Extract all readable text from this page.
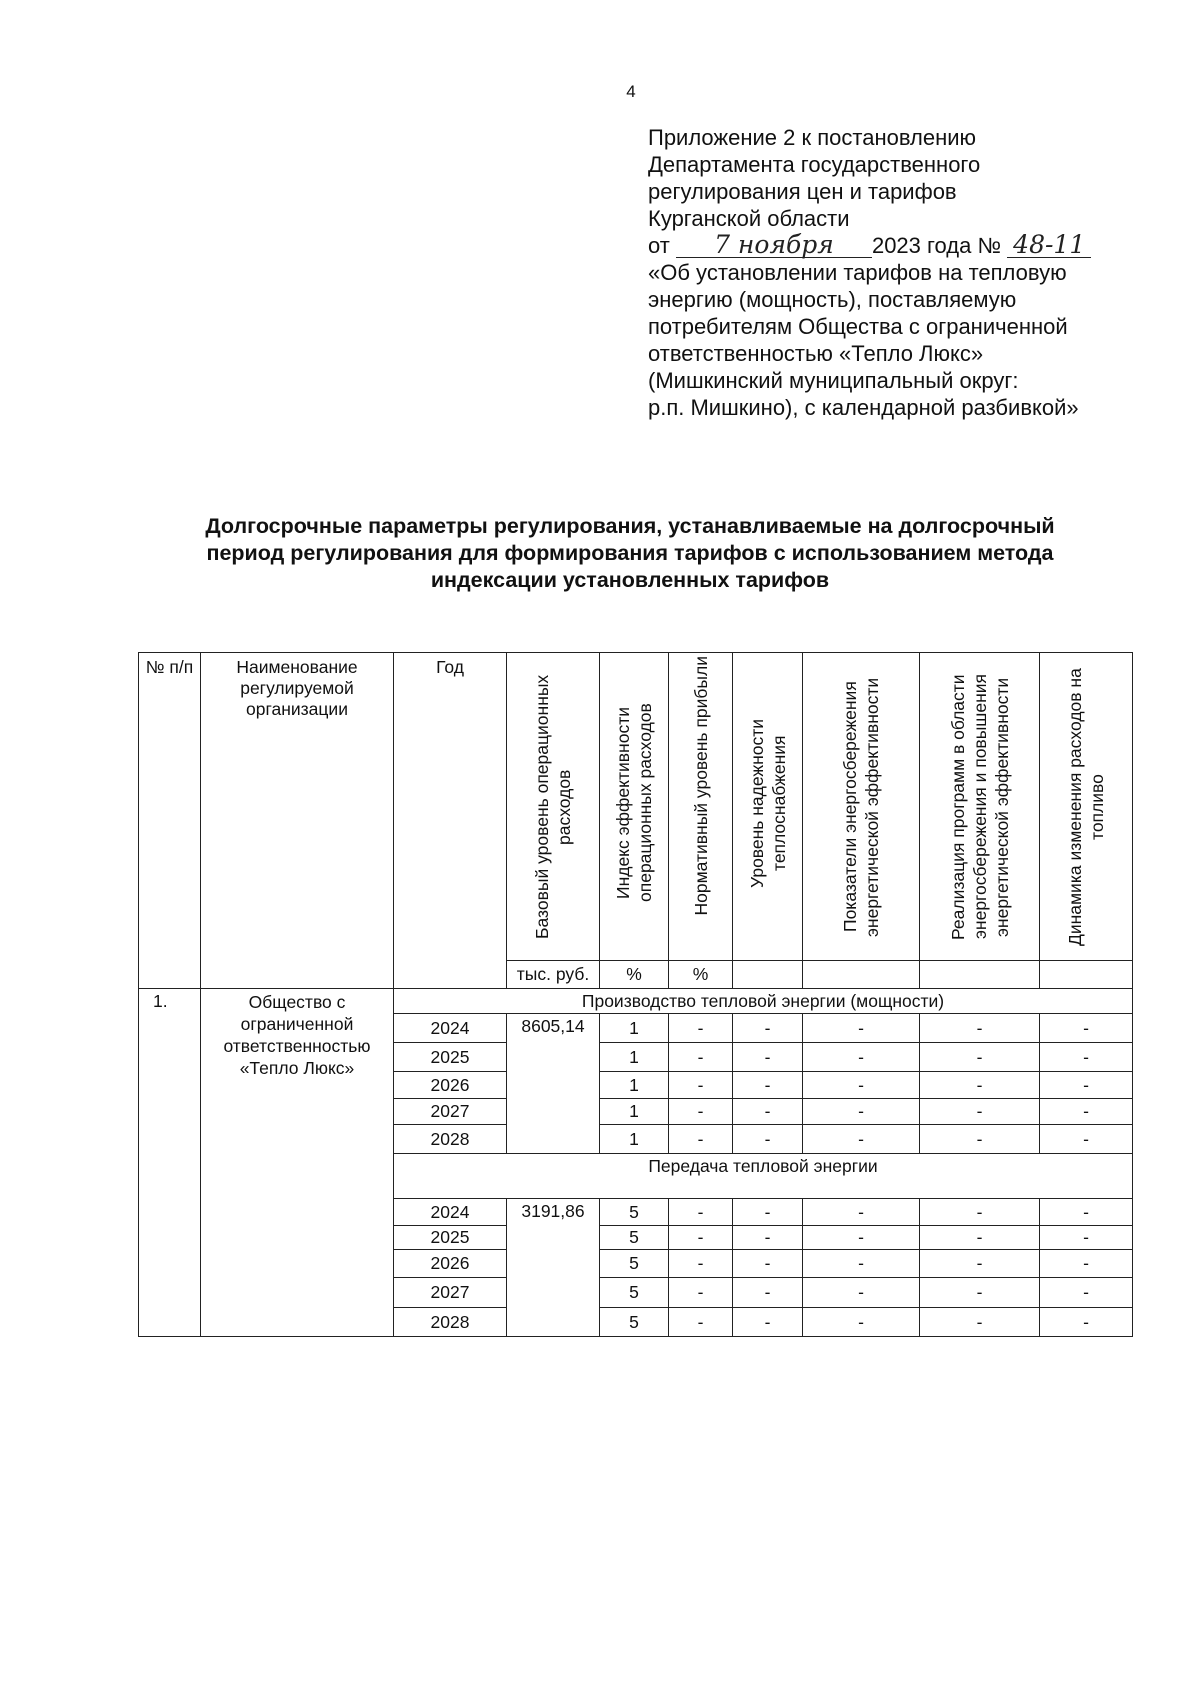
4
Приложение 2 к постановлению
Департамента государственного
регулирования цен и тарифов
Курганской области
от 7 ноября 2023 года № 48-11
«Об установлении тарифов на тепловую
энергию (мощность), поставляемую
потребителям Общества с ограниченной
ответственностью «Тепло Люкс»
(Мишкинский муниципальный округ:
р.п. Мишкино), с календарной разбивкой»
Долгосрочные параметры регулирования, устанавливаемые на долгосрочный
период регулирования для формирования тарифов с использованием метода
индексации установленных тарифов
№ п/п	Наименование регулируемой организации	Год	Базовый уровень операционных расходов	Индекс эффективности операционных расходов	Нормативный уровень прибыли	Уровень надежности теплоснабжения	Показатели энергосбережения энергетической эффективности	Реализация программ в области энергосбережения и повышения энергетической эффективности	Динамика изменения расходов на топливо

			тыс. руб.	%	%				
1.	Общество с ограниченной ответственностью «Тепло Люкс»	Производство тепловой энергии (мощности)							
		2024	8605,14	1	-	-	-	-	-
		2025		1	-	-	-	-	-
		2026		1	-	-	-	-	-
		2027		1	-	-	-	-	-
		2028		1	-	-	-	-	-
		Передача тепловой энергии							
		2024	3191,86	5	-	-	-	-	-
		2025		5	-	-	-	-	-
		2026		5	-	-	-	-	-
		2027		5	-	-	-	-	-
		2028		5	-	-	-	-	-
